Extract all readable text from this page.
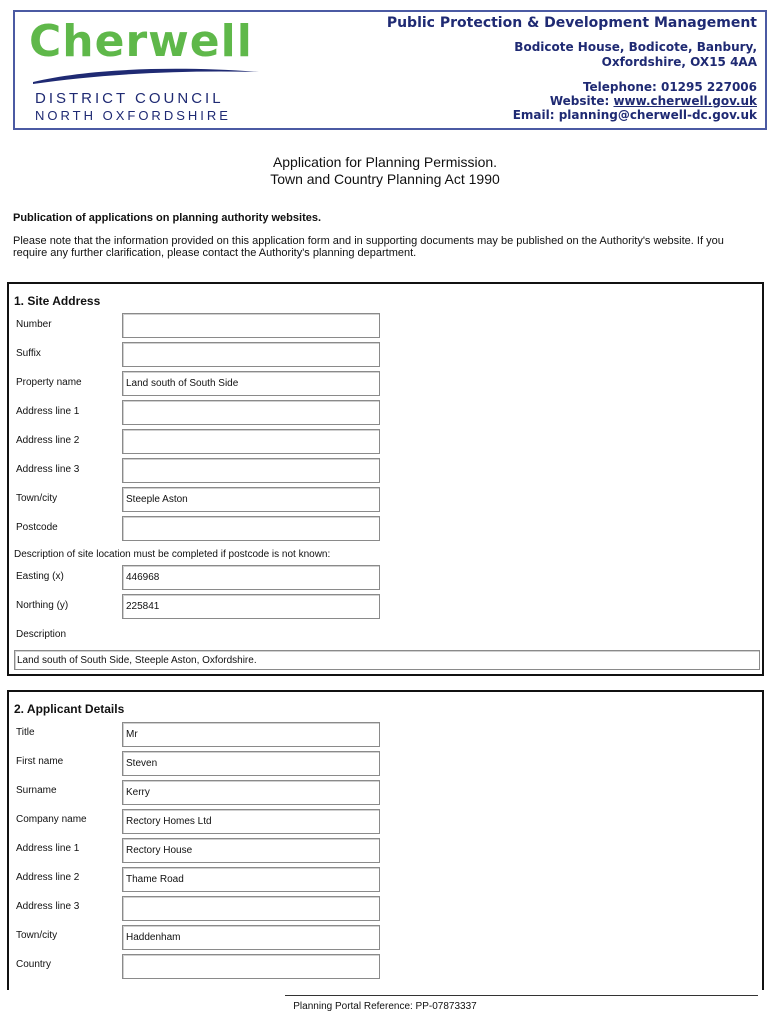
Cherwell
DISTRICT COUNCIL
NORTH OXFORDSHIRE
Public Protection & Development Management
Bodicote House, Bodicote, Banbury,
Oxfordshire, OX15 4AA
Telephone: 01295 227006
Website: www.cherwell.gov.uk
Email: planning@cherwell-dc.gov.uk
Application for Planning Permission.
Town and Country Planning Act 1990
Publication of applications on planning authority websites.
Please note that the information provided on this application form and in supporting documents may be published on the Authority's website. If you require any further clarification, please contact the Authority's planning department.
1. Site Address
Number
Suffix
Property name	Land south of South Side
Address line 1
Address line 2
Address line 3
Town/city	Steeple Aston
Postcode
Description of site location must be completed if postcode is not known:
Easting (x)	446968
Northing (y)	225841
Description
Land south of South Side, Steeple Aston, Oxfordshire.
2. Applicant Details
Title	Mr
First name	Steven
Surname	Kerry
Company name	Rectory Homes Ltd
Address line 1	Rectory House
Address line 2	Thame Road
Address line 3
Town/city	Haddenham
Country
Planning Portal Reference: PP-07873337
